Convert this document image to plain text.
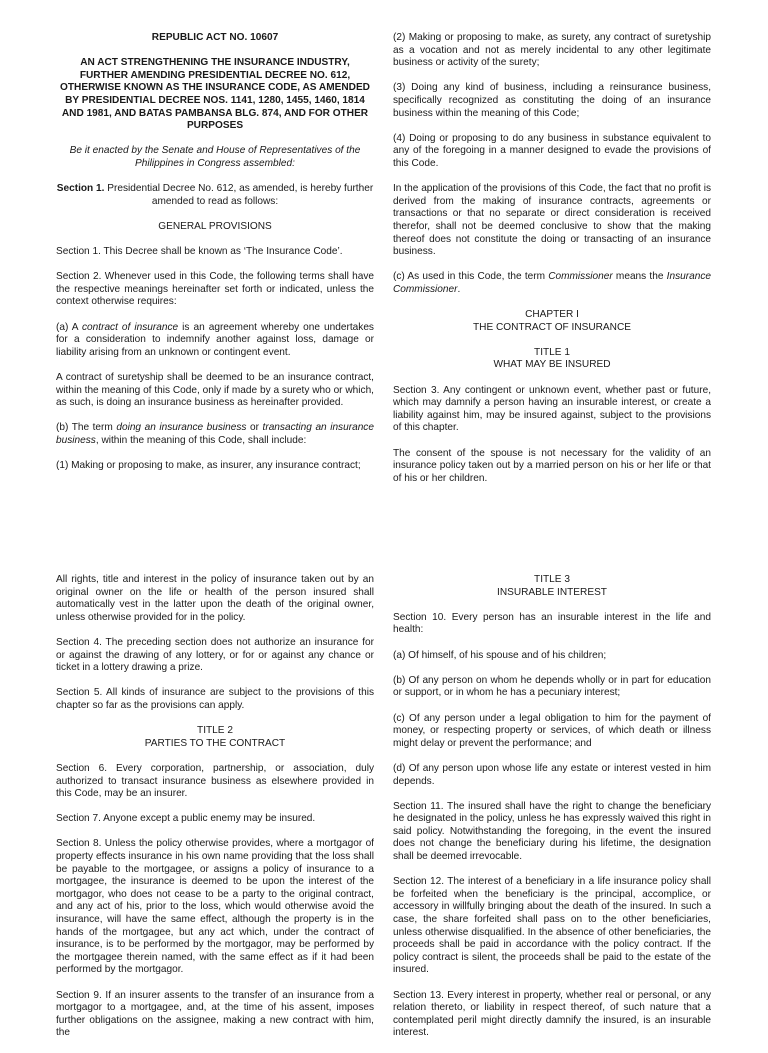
REPUBLIC ACT NO. 10607
AN ACT STRENGTHENING THE INSURANCE INDUSTRY, FURTHER AMENDING PRESIDENTIAL DECREE NO. 612, OTHERWISE KNOWN AS THE INSURANCE CODE, AS AMENDED BY PRESIDENTIAL DECREE NOS. 1141, 1280, 1455, 1460, 1814 AND 1981, AND BATAS PAMBANSA BLG. 874, AND FOR OTHER PURPOSES
Be it enacted by the Senate and House of Representatives of the Philippines in Congress assembled:

Section 1. Presidential Decree No. 612, as amended, is hereby further amended to read as follows:

GENERAL PROVISIONS

Section 1. This Decree shall be known as ‘The Insurance Code’.

Section 2. Whenever used in this Code, the following terms shall have the respective meanings hereinafter set forth or indicated, unless the context otherwise requires:

(a) A contract of insurance is an agreement whereby one undertakes for a consideration to indemnify another against loss, damage or liability arising from an unknown or contingent event.

A contract of suretyship shall be deemed to be an insurance contract, within the meaning of this Code, only if made by a surety who or which, as such, is doing an insurance business as hereinafter provided.

(b) The term doing an insurance business or transacting an insurance business, within the meaning of this Code, shall include:

(1) Making or proposing to make, as insurer, any insurance contract;

(2) Making or proposing to make, as surety, any contract of suretyship as a vocation and not as merely incidental to any other legitimate business or activity of the surety;

(3) Doing any kind of business, including a reinsurance business, specifically recognized as constituting the doing of an insurance business within the meaning of this Code;

(4) Doing or proposing to do any business in substance equivalent to any of the foregoing in a manner designed to evade the provisions of this Code.

In the application of the provisions of this Code, the fact that no profit is derived from the making of insurance contracts, agreements or transactions or that no separate or direct consideration is received therefor, shall not be deemed conclusive to show that the making thereof does not constitute the doing or transacting of an insurance business.

(c) As used in this Code, the term Commissioner means the Insurance Commissioner.

CHAPTER I
THE CONTRACT OF INSURANCE
TITLE 1
WHAT MAY BE INSURED

Section 3. Any contingent or unknown event, whether past or future, which may damnify a person having an insurable interest, or create a liability against him, may be insured against, subject to the provisions of this chapter.

The consent of the spouse is not necessary for the validity of an insurance policy taken out by a married person on his or her life or that of his or her children.

All rights, title and interest in the policy of insurance taken out by an original owner on the life or health of the person insured shall automatically vest in the latter upon the death of the original owner, unless otherwise provided for in the policy.

Section 4. The preceding section does not authorize an insurance for or against the drawing of any lottery, or for or against any chance or ticket in a lottery drawing a prize.

Section 5. All kinds of insurance are subject to the provisions of this chapter so far as the provisions can apply.

TITLE 2
PARTIES TO THE CONTRACT

Section 6. Every corporation, partnership, or association, duly authorized to transact insurance business as elsewhere provided in this Code, may be an insurer.

Section 7. Anyone except a public enemy may be insured.

Section 8. Unless the policy otherwise provides, where a mortgagor of property effects insurance in his own name providing that the loss shall be payable to the mortgagee, or assigns a policy of insurance to a mortgagee, the insurance is deemed to be upon the interest of the mortgagor, who does not cease to be a party to the original contract, and any act of his, prior to the loss, which would otherwise avoid the insurance, will have the same effect, although the property is in the hands of the mortgagee, but any act which, under the contract of insurance, is to be performed by the mortgagor, may be performed by the mortgagee therein named, with the same effect as if it had been performed by the mortgagor.

Section 9. If an insurer assents to the transfer of an insurance from a mortgagor to a mortgagee, and, at the time of his assent, imposes further obligations on the assignee, making a new contract with him, the

TITLE 3
INSURABLE INTEREST

Section 10. Every person has an insurable interest in the life and health:

(a) Of himself, of his spouse and of his children;

(b) Of any person on whom he depends wholly or in part for education or support, or in whom he has a pecuniary interest;

(c) Of any person under a legal obligation to him for the payment of money, or respecting property or services, of which death or illness might delay or prevent the performance; and

(d) Of any person upon whose life any estate or interest vested in him depends.

Section 11. The insured shall have the right to change the beneficiary he designated in the policy, unless he has expressly waived this right in said policy. Notwithstanding the foregoing, in the event the insured does not change the beneficiary during his lifetime, the designation shall be deemed irrevocable.

Section 12. The interest of a beneficiary in a life insurance policy shall be forfeited when the beneficiary is the principal, accomplice, or accessory in willfully bringing about the death of the insured. In such a case, the share forfeited shall pass on to the other beneficiaries, unless otherwise disqualified. In the absence of other beneficiaries, the proceeds shall be paid in accordance with the policy contract. If the policy contract is silent, the proceeds shall be paid to the estate of the insured.

Section 13. Every interest in property, whether real or personal, or any relation thereto, or liability in respect thereof, of such nature that a contemplated peril might directly damnify the insured, is an insurable interest.
